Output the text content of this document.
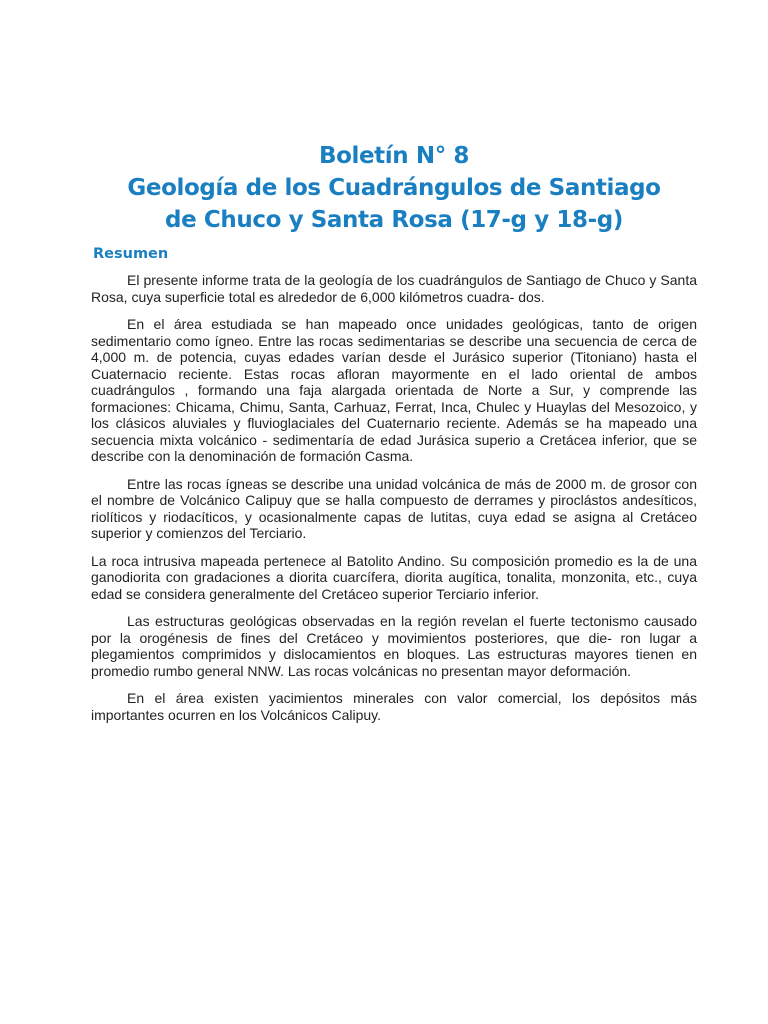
Boletín N° 8
Geología de los Cuadrángulos de Santiago
de Chuco y Santa Rosa (17-g y 18-g)
Resumen

El presente informe trata de la geología de los cuadrángulos de Santiago de Chuco y Santa Rosa, cuya superficie total es alrededor de 6,000 kilómetros cuadra- dos.

En el área estudiada se han mapeado once unidades geológicas, tanto de origen sedimentario como ígneo. Entre las rocas sedimentarias se describe una secuencia de cerca de 4,000 m. de potencia, cuyas edades varían desde el Jurásico superior (Titoniano) hasta el Cuaternacio reciente. Estas rocas afloran mayormente en el lado oriental de ambos cuadrángulos , formando una faja alargada orientada de Norte a Sur, y comprende las formaciones: Chicama, Chimu, Santa, Carhuaz, Ferrat, Inca, Chulec y Huaylas del Mesozoico, y los clásicos aluviales y fluvioglaciales del Cuaternario reciente. Además se ha mapeado una secuencia mixta volcánico - sedimentaría de edad Jurásica superio a Cretácea inferior, que se describe con la denominación de formación Casma.

Entre las rocas ígneas se describe una unidad volcánica de más de 2000 m. de grosor con el nombre de Volcánico Calipuy que se halla compuesto de derrames y piroclástos andesíticos, riolíticos y riodacíticos, y ocasionalmente capas de lutitas, cuya edad se asigna al Cretáceo superior y comienzos del Terciario.

La roca intrusiva mapeada pertenece al Batolito Andino. Su composición promedio es la de una ganodiorita con gradaciones a diorita cuarcífera, diorita augítica, tonalita, monzonita, etc., cuya edad se considera generalmente del Cretáceo superior Terciario inferior.

Las estructuras geológicas observadas en la región revelan el fuerte tectonismo causado por la orogénesis de fines del Cretáceo y movimientos posteriores, que die- ron lugar a plegamientos comprimidos y dislocamientos en bloques. Las estructuras mayores tienen en promedio rumbo general NNW. Las rocas volcánicas no presentan mayor deformación.

En el área existen yacimientos minerales con valor comercial, los depósitos más importantes ocurren en los Volcánicos Calipuy.
